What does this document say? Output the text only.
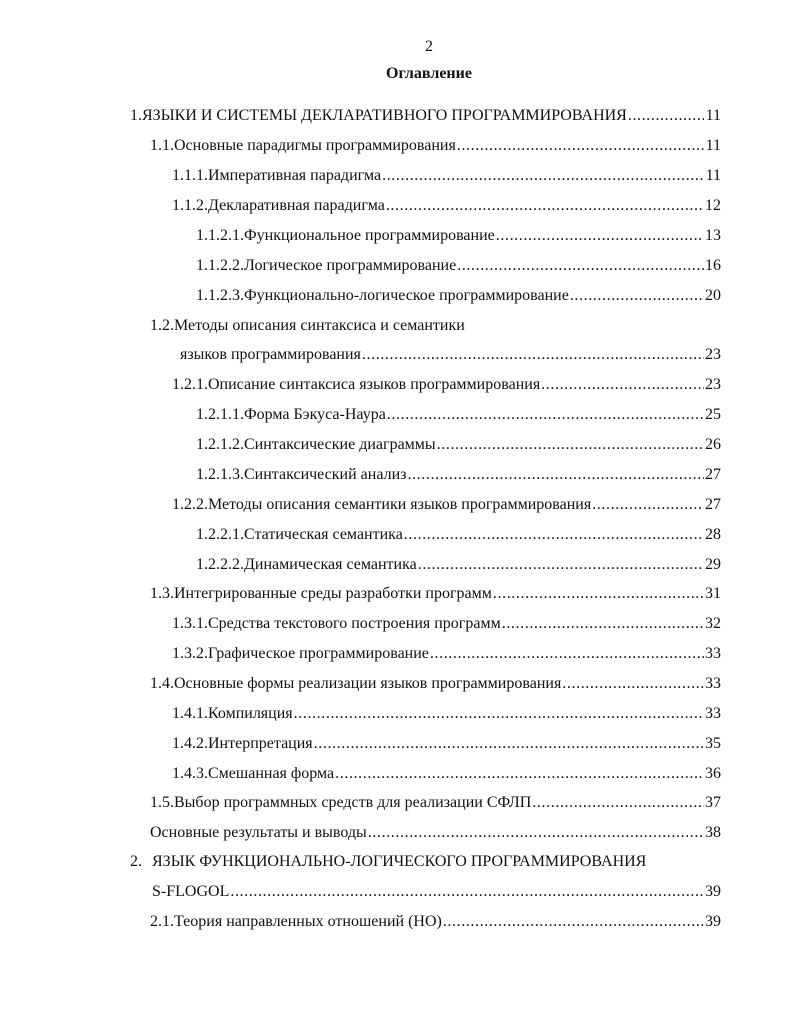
2
Оглавление
1. ЯЗЫКИ И СИСТЕМЫ ДЕКЛАРАТИВНОГО ПРОГРАММИРОВАНИЯ .....	11
1.1. Основные парадигмы программирования .....	11
1.1.1. Императивная парадигма .....	11
1.1.2. Декларативная парадигма .....	12
1.1.2.1. Функциональное программирование .....	13
1.1.2.2. Логическое программирование .....	16
1.1.2.3. Функционально-логическое программирование .....	20
1.2. Методы описания синтаксиса и семантики
языков программирования .....	23
1.2.1. Описание синтаксиса языков программирования .....	23
1.2.1.1. Форма Бэкуса-Наура .....	25
1.2.1.2. Синтаксические диаграммы .....	26
1.2.1.3. Синтаксический анализ .....	27
1.2.2. Методы описания семантики языков программирования .....	27
1.2.2.1. Статическая семантика .....	28
1.2.2.2. Динамическая семантика .....	29
1.3. Интегрированные среды разработки программ .....	31
1.3.1. Средства текстового построения программ .....	32
1.3.2. Графическое программирование .....	33
1.4. Основные формы реализации языков программирования .....	33
1.4.1. Компиляция .....	33
1.4.2. Интерпретация .....	35
1.4.3. Смешанная форма .....	36
1.5. Выбор программных средств для реализации СФЛП .....	37
Основные результаты и выводы .....	38
2. ЯЗЫК ФУНКЦИОНАЛЬНО-ЛОГИЧЕСКОГО ПРОГРАММИРОВАНИЯ
S-FLOGOL .....	39
2.1. Теория направленных отношений (НО) .....	39
